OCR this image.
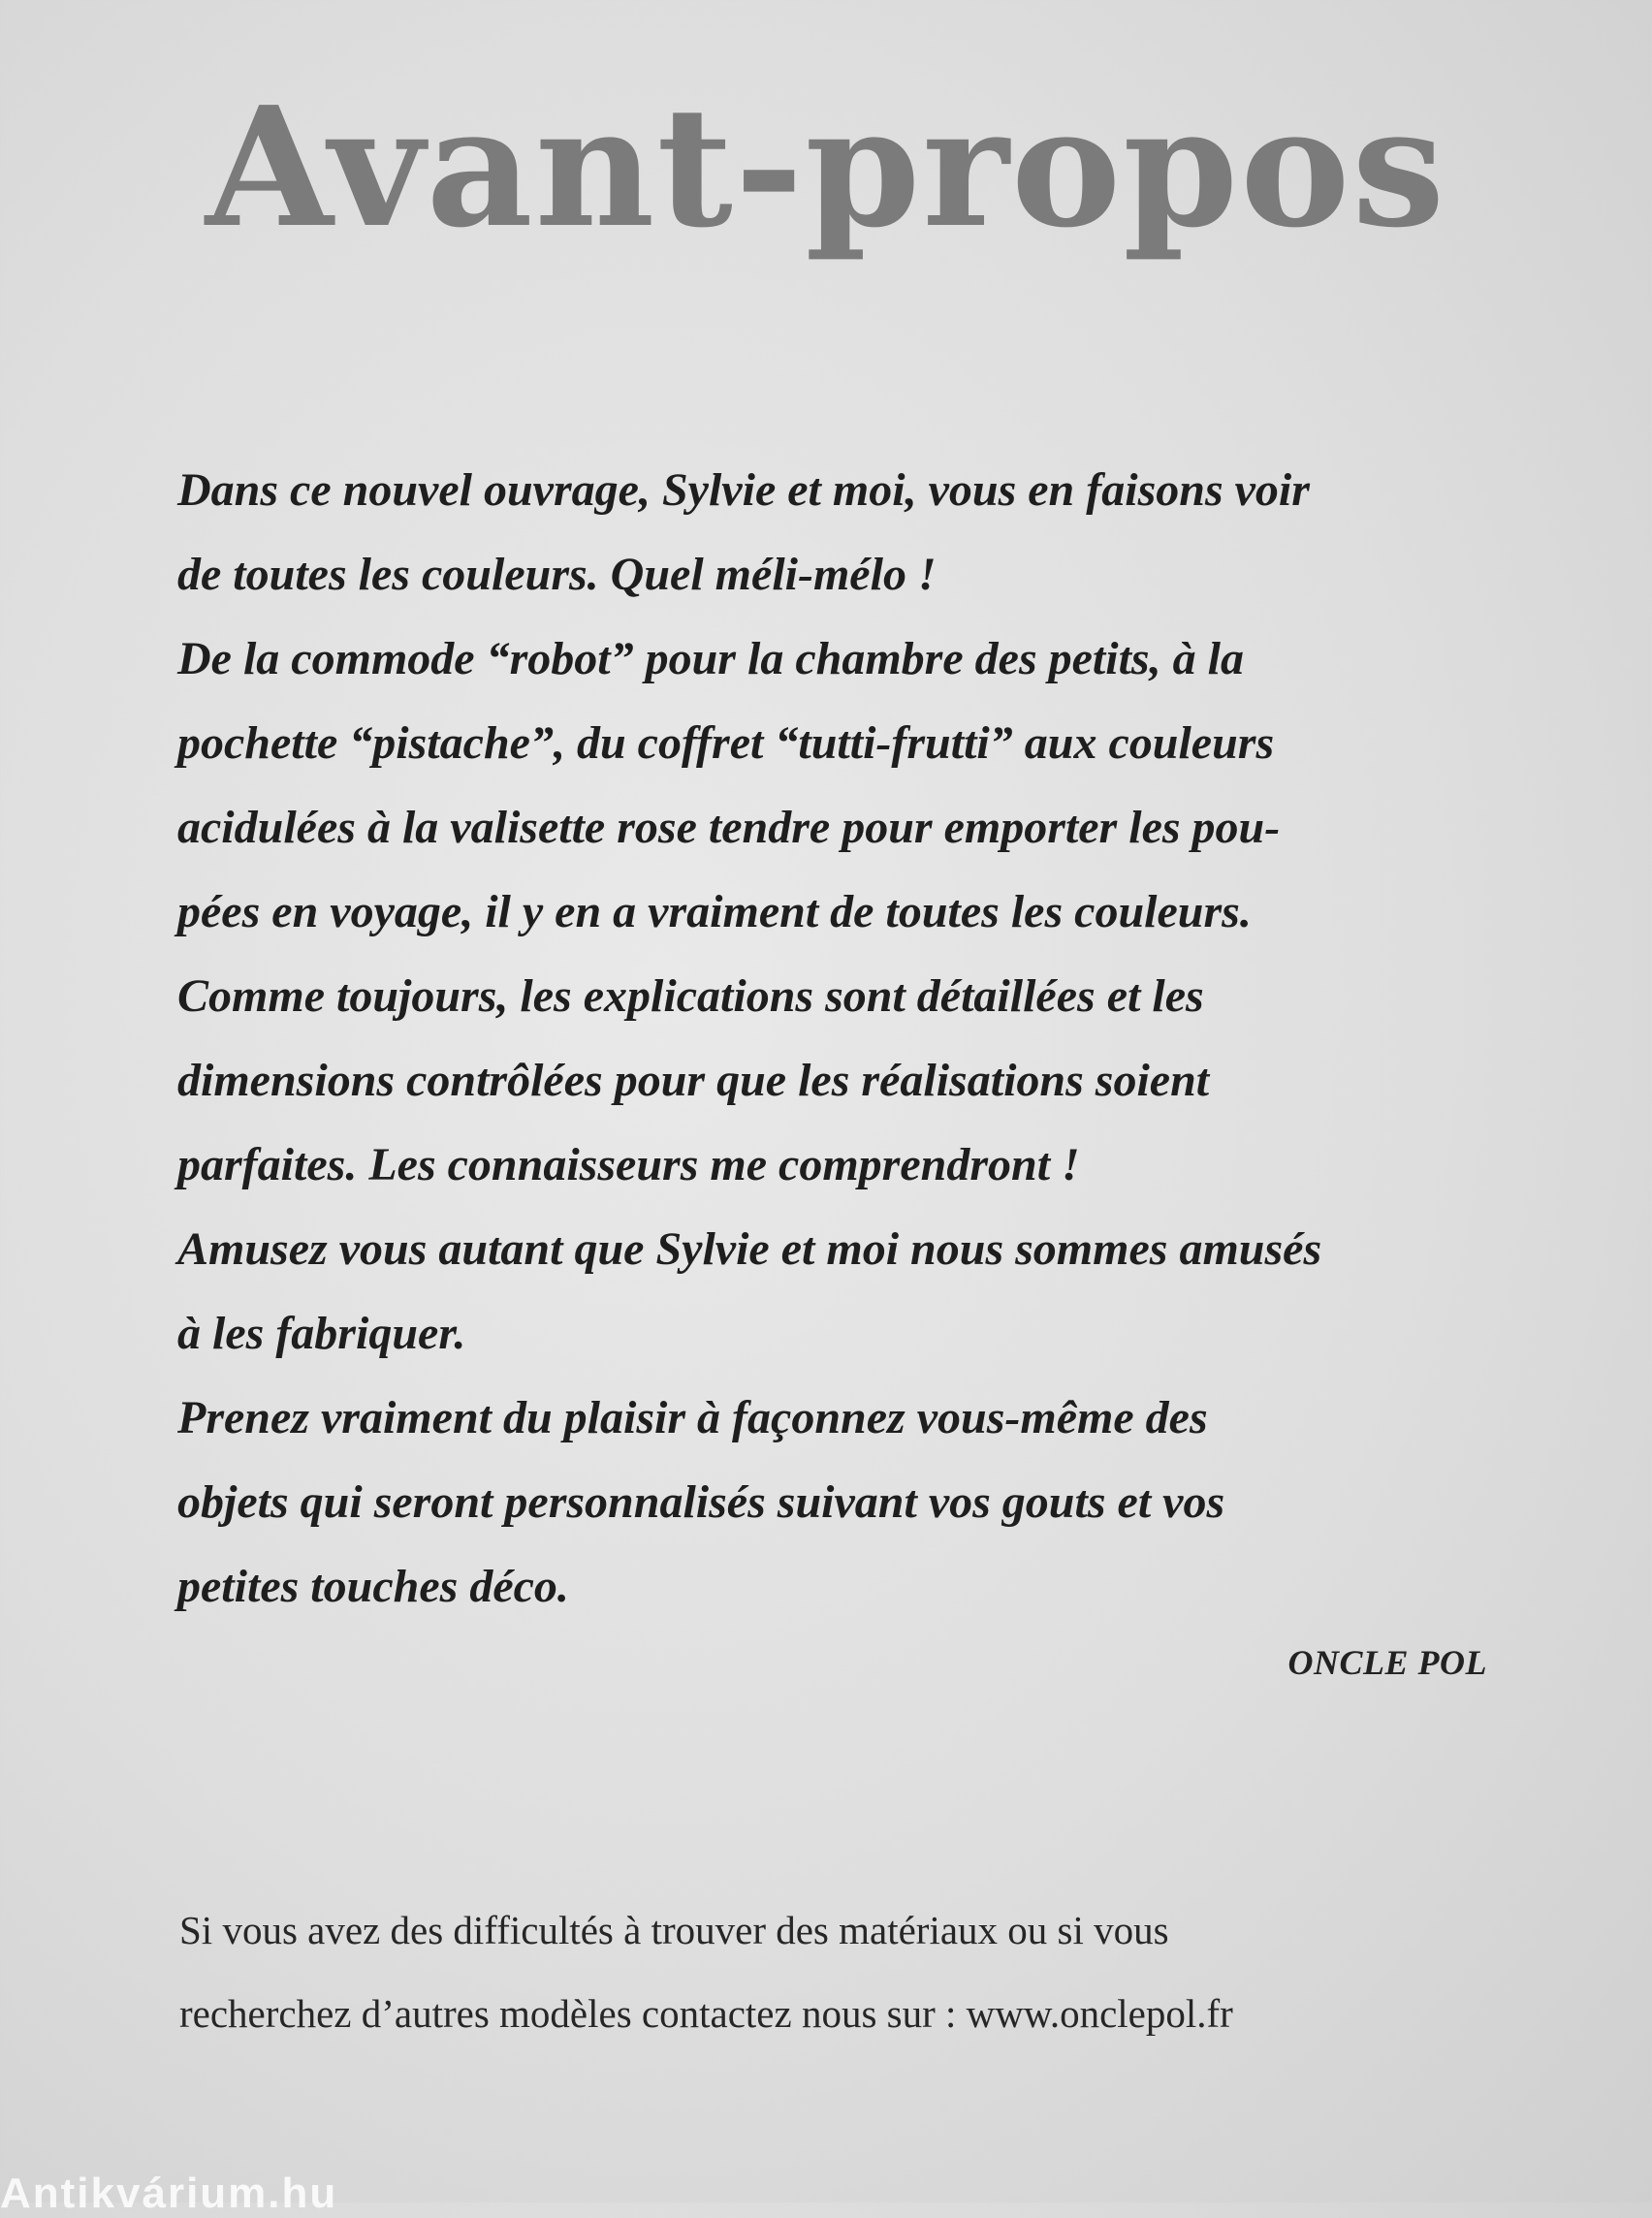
Avant-propos
Dans ce nouvel ouvrage, Sylvie et moi, vous en faisons voir
de toutes les couleurs. Quel méli-mélo !
De la commode “robot” pour la chambre des petits, à la
pochette “pistache”, du coffret “tutti-frutti” aux couleurs
acidulées à la valisette rose tendre pour emporter les pou-
pées en voyage, il y en a vraiment de toutes les couleurs.
Comme toujours, les explications sont détaillées et les
dimensions contrôlées pour que les réalisations soient
parfaites. Les connaisseurs me comprendront !
Amusez vous autant que Sylvie et moi nous sommes amusés
à les fabriquer.
Prenez vraiment du plaisir à façonnez vous-même des
objets qui seront personnalisés suivant vos gouts et vos
petites touches déco.

ONCLE POL

Si vous avez des difficultés à trouver des matériaux ou si vous
recherchez d’autres modèles contactez nous sur : www.onclepol.fr
Antikvárium.hu
